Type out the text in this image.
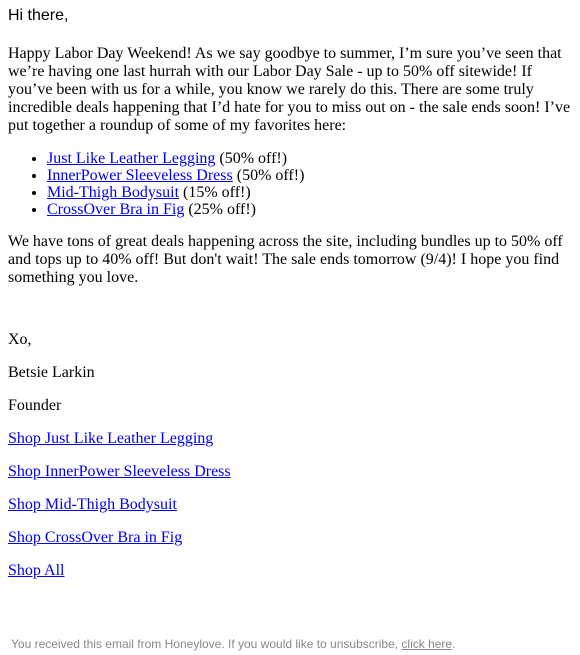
Hi there,

Happy Labor Day Weekend! As we say goodbye to summer, I’m sure you’ve seen that we’re having one last hurrah with our Labor Day Sale - up to 50% off sitewide! If you’ve been with us for a while, you know we rarely do this. There are some truly incredible deals happening that I’d hate for you to miss out on - the sale ends soon! I’ve put together a roundup of some of my favorites here:

• Just Like Leather Legging (50% off!)
• InnerPower Sleeveless Dress (50% off!)
• Mid-Thigh Bodysuit (15% off!)
• CrossOver Bra in Fig (25% off!)

We have tons of great deals happening across the site, including bundles up to 50% off and tops up to 40% off! But don't wait! The sale ends tomorrow (9/4)! I hope you find something you love.

Xo,

Betsie Larkin

Founder

Shop Just Like Leather Legging
Shop InnerPower Sleeveless Dress
Shop Mid-Thigh Bodysuit
Shop CrossOver Bra in Fig
Shop All
You received this email from Honeylove. If you would like to unsubscribe, click here.
